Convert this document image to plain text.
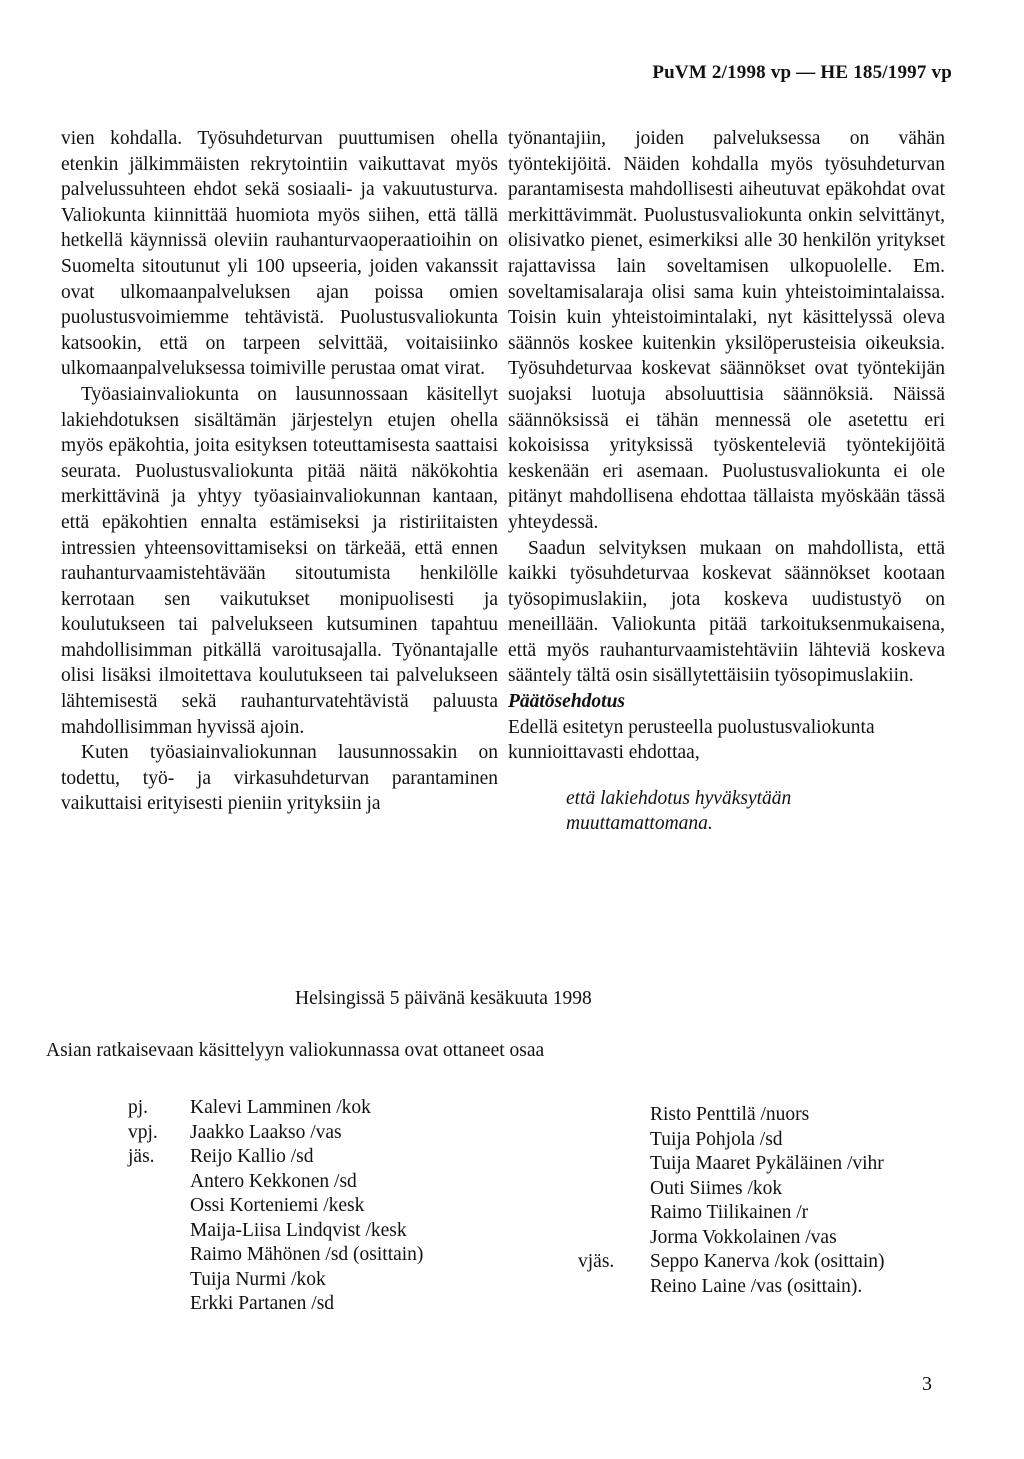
PuVM 2/1998 vp — HE 185/1997 vp

vien kohdalla. Työsuhdeturvan puuttumisen ohella etenkin jälkimmäisten rekrytointiin vaikuttavat myös palvelussuhteen ehdot sekä sosiaali- ja vakuutusturva. Valiokunta kiinnittää huomiota myös siihen, että tällä hetkellä käynnissä oleviin rauhanturvaoperaatioihin on Suomelta sitoutunut yli 100 upseeria, joiden vakanssit ovat ulkomaanpalveluksen ajan poissa omien puolustusvoimiemme tehtävistä. Puolustusvaliokunta katsookin, että on tarpeen selvittää, voitaisiinko ulkomaanpalveluksessa toimiville perustaa omat virat.

Työasiainvaliokunta on lausunnossaan käsitellyt lakiehdotuksen sisältämän järjestelyn etujen ohella myös epäkohtia, joita esityksen toteuttamisesta saattaisi seurata. Puolustusvaliokunta pitää näitä näkökohtia merkittävinä ja yhtyy työasiainvaliokunnan kantaan, että epäkohtien ennalta estämiseksi ja ristiriitaisten intressien yhteensovittamiseksi on tärkeää, että ennen rauhanturvaamistehtävään sitoutumista henkilölle kerrotaan sen vaikutukset monipuolisesti ja koulutukseen tai palvelukseen kutsuminen tapahtuu mahdollisimman pitkällä varoitusajalla. Työnantajalle olisi lisäksi ilmoitettava koulutukseen tai palvelukseen lähtemisestä sekä rauhanturvatehtävistä paluusta mahdollisimman hyvissä ajoin.

Kuten työasiainvaliokunnan lausunnossakin on todettu, työ- ja virkasuhdeturvan parantaminen vaikuttaisi erityisesti pieniin yrityksiin ja

työnantajiin, joiden palveluksessa on vähän työntekijöitä. Näiden kohdalla myös työsuhdeturvan parantamisesta mahdollisesti aiheutuvat epäkohdat ovat merkittävimmät. Puolustusvaliokunta onkin selvittänyt, olisivatko pienet, esimerkiksi alle 30 henkilön yritykset rajattavissa lain soveltamisen ulkopuolelle. Em. soveltamisalaraja olisi sama kuin yhteistoimintalaissa. Toisin kuin yhteistoimintalaki, nyt käsittelyssä oleva säännös koskee kuitenkin yksilöperusteisia oikeuksia. Työsuhdeturvaa koskevat säännökset ovat työntekijän suojaksi luotuja absoluuttisia säännöksiä. Näissä säännöksissä ei tähän mennessä ole asetettu eri kokoisissa yrityksissä työskenteleviä työntekijöitä keskenään eri asemaan. Puolustusvaliokunta ei ole pitänyt mahdollisena ehdottaa tällaista myöskään tässä yhteydessä.

Saadun selvityksen mukaan on mahdollista, että kaikki työsuhdeturvaa koskevat säännökset kootaan työsopimuslakiin, jota koskeva uudistustyö on meneillään. Valiokunta pitää tarkoituksenmukaisena, että myös rauhanturvaamistehtäviin lähteviä koskeva sääntely tältä osin sisällytettäisiin työsopimuslakiin.

Päätösehdotus

Edellä esitetyn perusteella puolustusvaliokunta kunnioittavasti ehdottaa,

että lakiehdotus hyväksytään muuttamattomana.

Helsingissä 5 päivänä kesäkuuta 1998
Asian ratkaisevaan käsittelyyn valiokunnassa ovat ottaneet osaa
pj.	Kalevi Lamminen /kok
vpj.	Jaakko Laakso /vas
jäs.	Reijo Kallio /sd
Antero Kekkonen /sd
Ossi Korteniemi /kesk
Maija-Liisa Lindqvist /kesk
Raimo Mähönen /sd (osittain)
Tuija Nurmi /kok
Erkki Partanen /sd
Risto Penttilä /nuors
Tuija Pohjola /sd
Tuija Maaret Pykäläinen /vihr
Outi Siimes /kok
Raimo Tiilikainen /r
Jorma Vokkolainen /vas
vjäs.	Seppo Kanerva /kok (osittain)
Reino Laine /vas (osittain).
3
